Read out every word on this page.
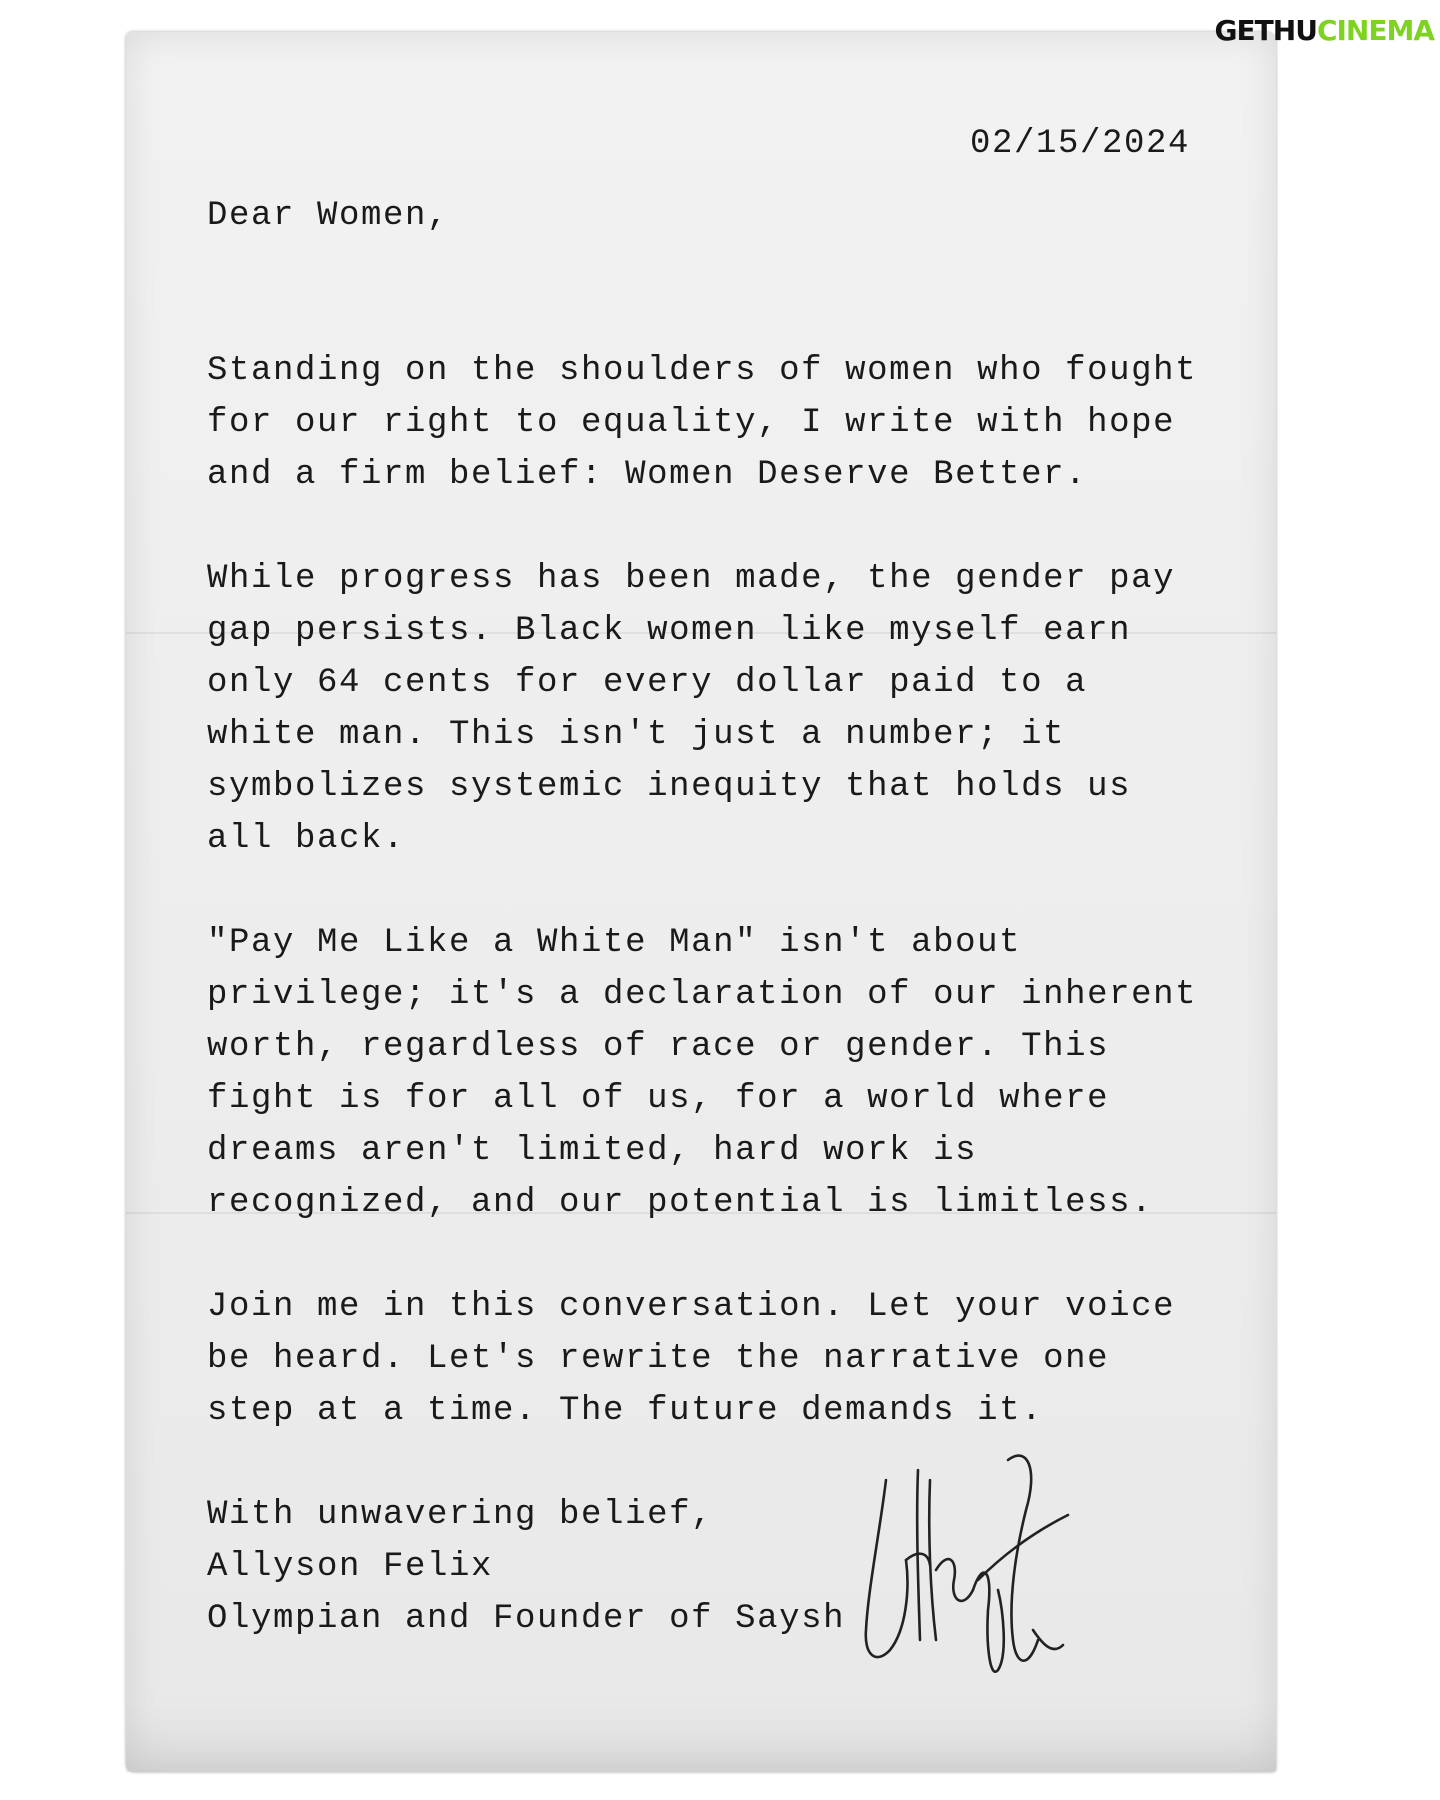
GETHU CINEMA
02/15/2024
Dear Women,

Standing on the shoulders of women who fought
for our right to equality, I write with hope
and a firm belief: Women Deserve Better.

While progress has been made, the gender pay
gap persists. Black women like myself earn
only 64 cents for every dollar paid to a
white man. This isn't just a number; it
symbolizes systemic inequity that holds us
all back.

"Pay Me Like a White Man" isn't about
privilege; it's a declaration of our inherent
worth, regardless of race or gender. This
fight is for all of us, for a world where
dreams aren't limited, hard work is
recognized, and our potential is limitless.

Join me in this conversation. Let your voice
be heard. Let's rewrite the narrative one
step at a time. The future demands it.

With unwavering belief,
Allyson Felix
Olympian and Founder of Saysh
